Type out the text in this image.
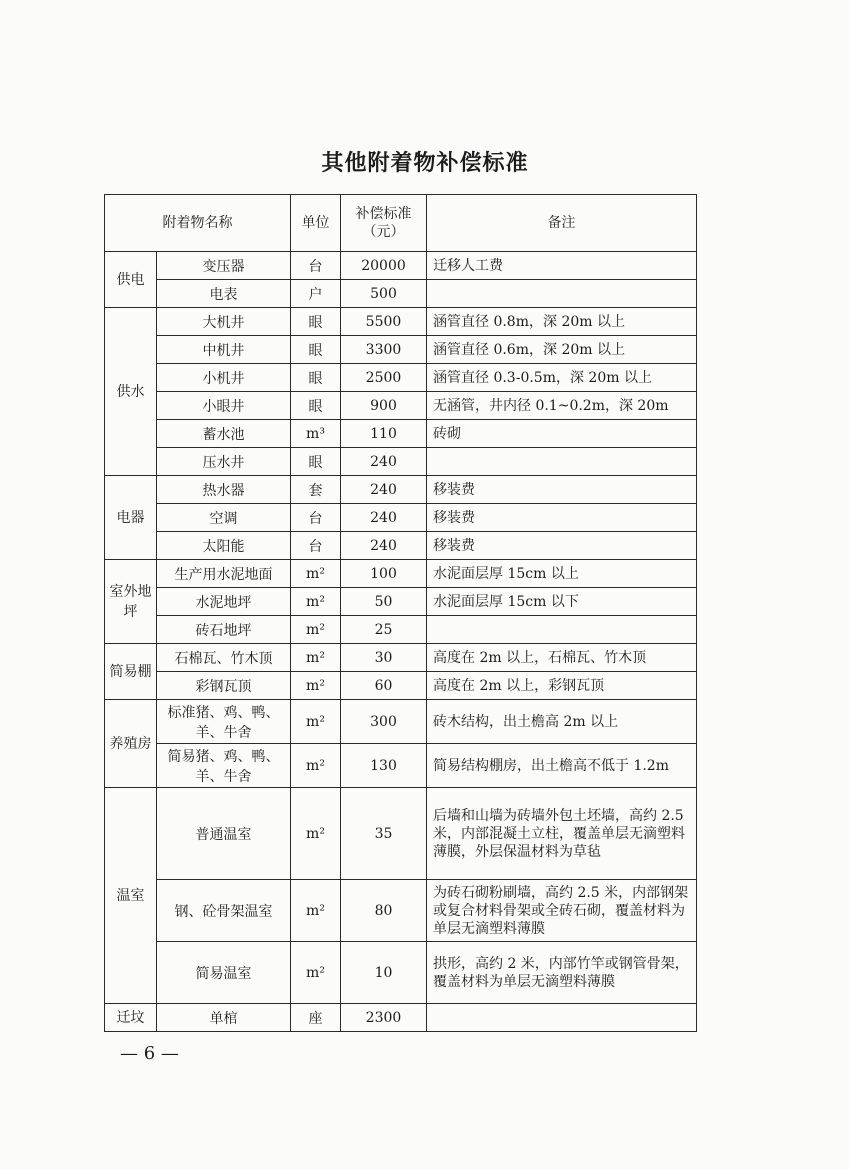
其他附着物补偿标准
附着物名称		单位	补偿标准（元）	备注
供电	变压器	台	20000	迁移人工费
	电表	户	500	
供水	大机井	眼	5500	涵管直径 0.8m，深 20m 以上
	中机井	眼	3300	涵管直径 0.6m，深 20m 以上
	小机井	眼	2500	涵管直径 0.3-0.5m，深 20m 以上
	小眼井	眼	900	无涵管，井内径 0.1~0.2m，深 20m
	蓄水池	m³	110	砖砌
	压水井	眼	240	
电器	热水器	套	240	移装费
	空调	台	240	移装费
	太阳能	台	240	移装费
室外地坪	生产用水泥地面	m²	100	水泥面层厚 15cm 以上
	水泥地坪	m²	50	水泥面层厚 15cm 以下
	砖石地坪	m²	25	
简易棚	石棉瓦、竹木顶	m²	30	高度在 2m 以上，石棉瓦、竹木顶
	彩钢瓦顶	m²	60	高度在 2m 以上，彩钢瓦顶
养殖房	标准猪、鸡、鸭、羊、牛舍	m²	300	砖木结构，出土檐高 2m 以上
	简易猪、鸡、鸭、羊、牛舍	m²	130	简易结构棚房，出土檐高不低于 1.2m
温室	普通温室	m²	35	后墙和山墙为砖墙外包土坯墙，高约 2.5 米，内部混凝土立柱，覆盖单层无滴塑料薄膜，外层保温材料为草毡
	钢、砼骨架温室	m²	80	为砖石砌粉刷墙，高约 2.5 米，内部钢架或复合材料骨架或全砖石砌，覆盖材料为单层无滴塑料薄膜
	简易温室	m²	10	拱形，高约 2 米，内部竹竿或钢管骨架，覆盖材料为单层无滴塑料薄膜
迁坟	单棺	座	2300	
— 6 —
